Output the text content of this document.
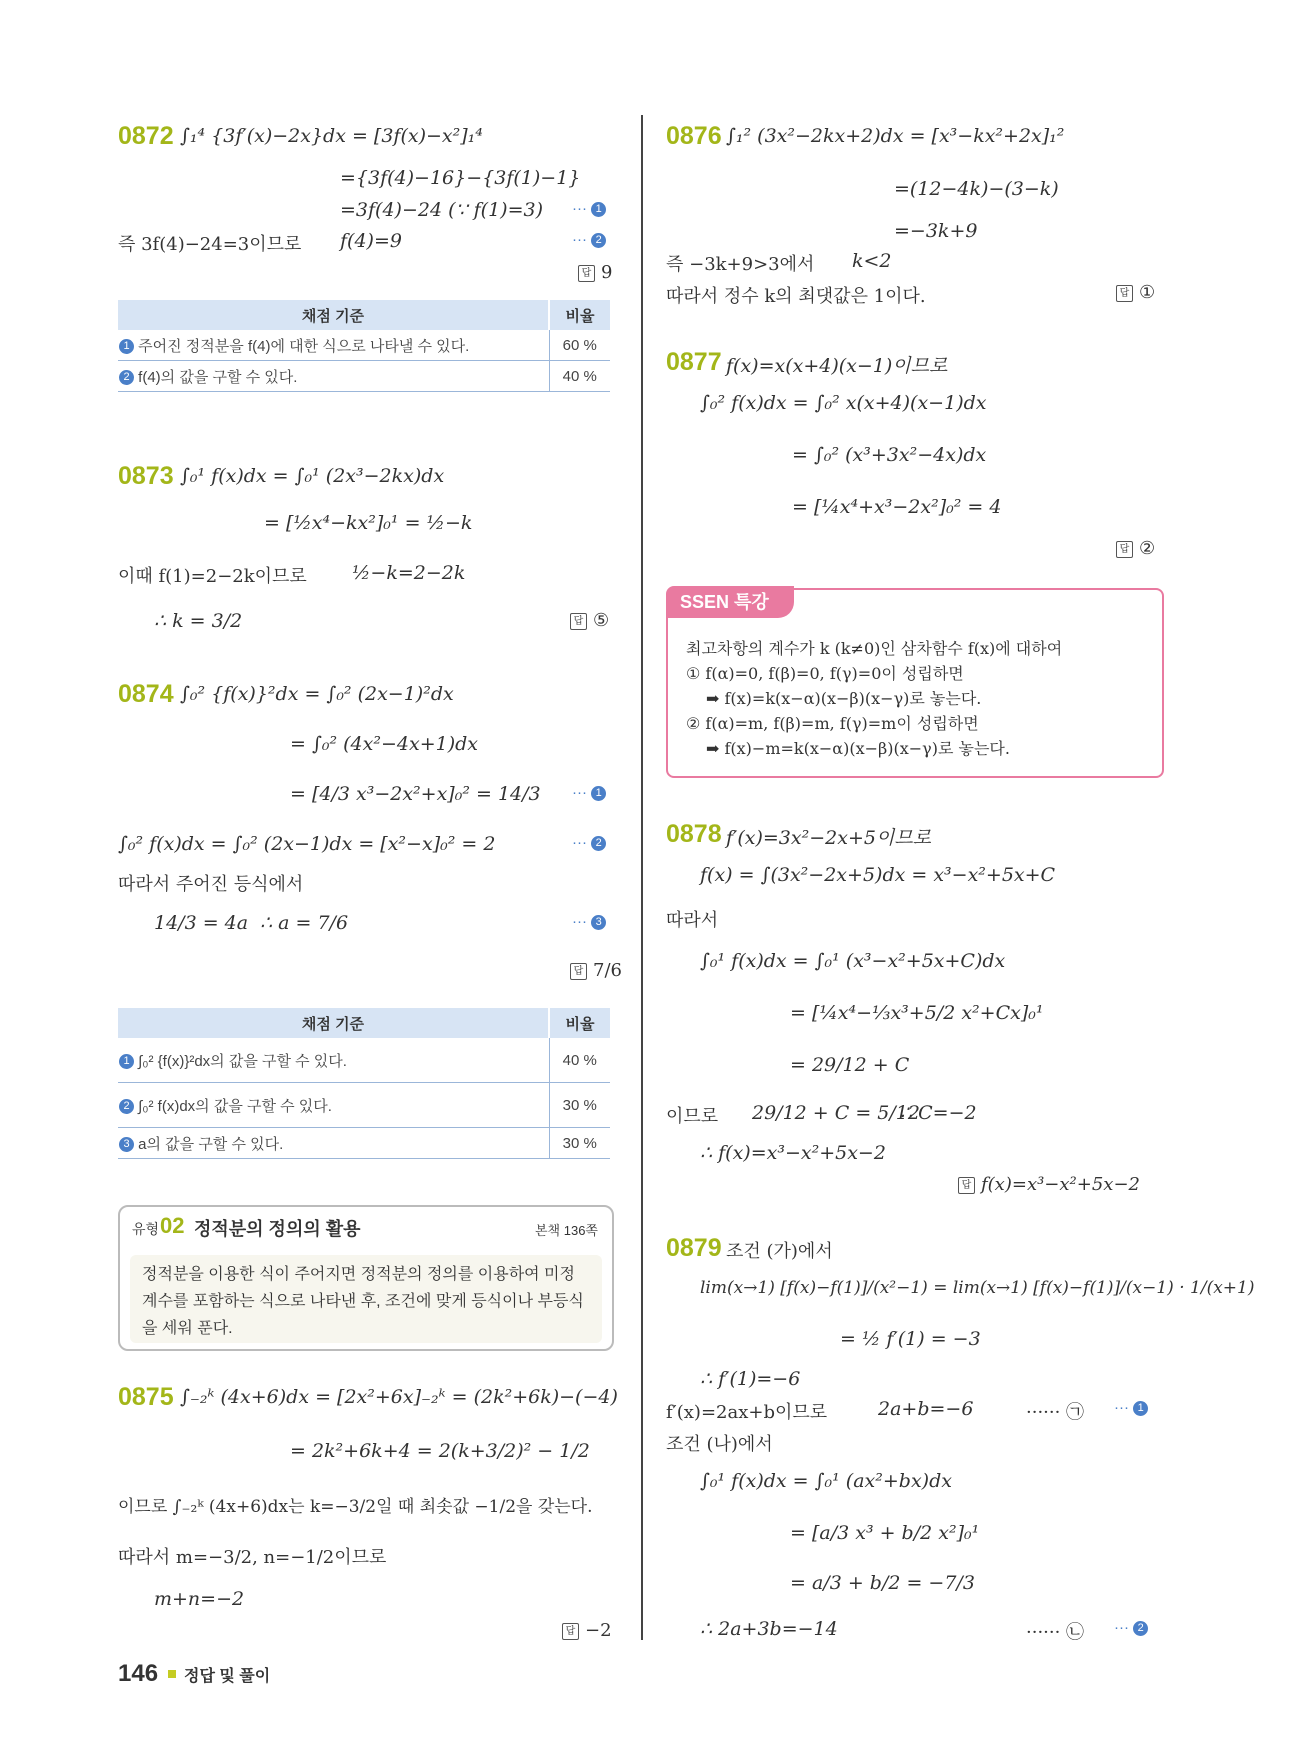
0872 ∫₁⁴ {3f′(x)−2x}dx = [3f(x)−x²]₁⁴
={3f(4)−16}−{3f(1)−1}
=3f(4)−24 (∵ f(1)=3) ··· 1
즉 3f(4)−24=3이므로 f(4)=9	··· 2
답 9
채점 기준	비율
1 주어진 정적분을 f(4)에 대한 식으로 나타낼 수 있다.	60 %
2 f(4)의 값을 구할 수 있다.	40 %
0873 ∫₀¹ f(x)dx = ∫₀¹ (2x³−2kx)dx
= [½x⁴−kx²]₀¹ = ½−k
이때 f(1)=2−2k이므로 ½−k=2−2k
∴ k = 3/2	답 ⑤
0874 ∫₀² {f(x)}²dx = ∫₀² (2x−1)²dx
= ∫₀² (4x²−4x+1)dx
= [4/3 x³−2x²+x]₀² = 14/3 ··· 1
∫₀² f(x)dx = ∫₀² (2x−1)dx = [x²−x]₀² = 2	··· 2
따라서 주어진 등식에서
14/3 = 4a ∴ a = 7/6	··· 3
답 7/6
채점 기준	비율
1 ∫₀² {f(x)}²dx의 값을 구할 수 있다.	40 %
2 ∫₀² f(x)dx의 값을 구할 수 있다.	30 %
3 a의 값을 구할 수 있다.	30 %
유형 02 정적분의 정의의 활용	본책 136쪽
정적분을 이용한 식이 주어지면 정적분의 정의를 이용하여 미정계수를 포함하는 식으로 나타낸 후, 조건에 맞게 등식이나 부등식을 세워 푼다.
0875 ∫₋₂ᵏ (4x+6)dx = [2x²+6x]₋₂ᵏ = (2k²+6k)−(−4)
= 2k²+6k+4 = 2(k+3/2)² − 1/2
이므로 ∫₋₂ᵏ (4x+6)dx는 k=−3/2일 때 최솟값 −1/2을 갖는다.
따라서 m=−3/2, n=−1/2이므로
m+n=−2
답 −2
0876 ∫₁² (3x²−2kx+2)dx = [x³−kx²+2x]₁²
=(12−4k)−(3−k)
=−3k+9
즉 −3k+9>3에서 k<2
따라서 정수 k의 최댓값은 1이다.	답 ①
0877 f(x)=x(x+4)(x−1)이므로
∫₀² f(x)dx = ∫₀² x(x+4)(x−1)dx
= ∫₀² (x³+3x²−4x)dx
= [¼x⁴+x³−2x²]₀² = 4
답 ②
SSEN 특강
최고차항의 계수가 k (k≠0)인 삼차함수 f(x)에 대하여
① f(α)=0, f(β)=0, f(γ)=0이 성립하면
➡ f(x)=k(x−α)(x−β)(x−γ)로 놓는다.
② f(α)=m, f(β)=m, f(γ)=m이 성립하면
➡ f(x)−m=k(x−α)(x−β)(x−γ)로 놓는다.
0878 f′(x)=3x²−2x+5이므로
f(x) = ∫(3x²−2x+5)dx = x³−x²+5x+C
따라서
∫₀¹ f(x)dx = ∫₀¹ (x³−x²+5x+C)dx
= [¼x⁴−⅓x³+5/2 x²+Cx]₀¹
= 29/12 + C
이므로 29/12 + C = 5/12
∴ C=−2
∴ f(x)=x³−x²+5x−2
답 f(x)=x³−x²+5x−2
0879 조건 (가)에서
lim(x→1) [f(x)−f(1)]/(x²−1) = lim(x→1) [f(x)−f(1)]/(x−1) · 1/(x+1)
= ½ f′(1) = −3
∴ f′(1)=−6
f′(x)=2ax+b이므로	2a+b=−6	······ ㉠ ··· 1
조건 (나)에서
∫₀¹ f(x)dx = ∫₀¹ (ax²+bx)dx
= [a/3 x³ + b/2 x²]₀¹
= a/3 + b/2 = −7/3
∴ 2a+3b=−14	······ ㉡ ··· 2
146 정답 및 풀이
